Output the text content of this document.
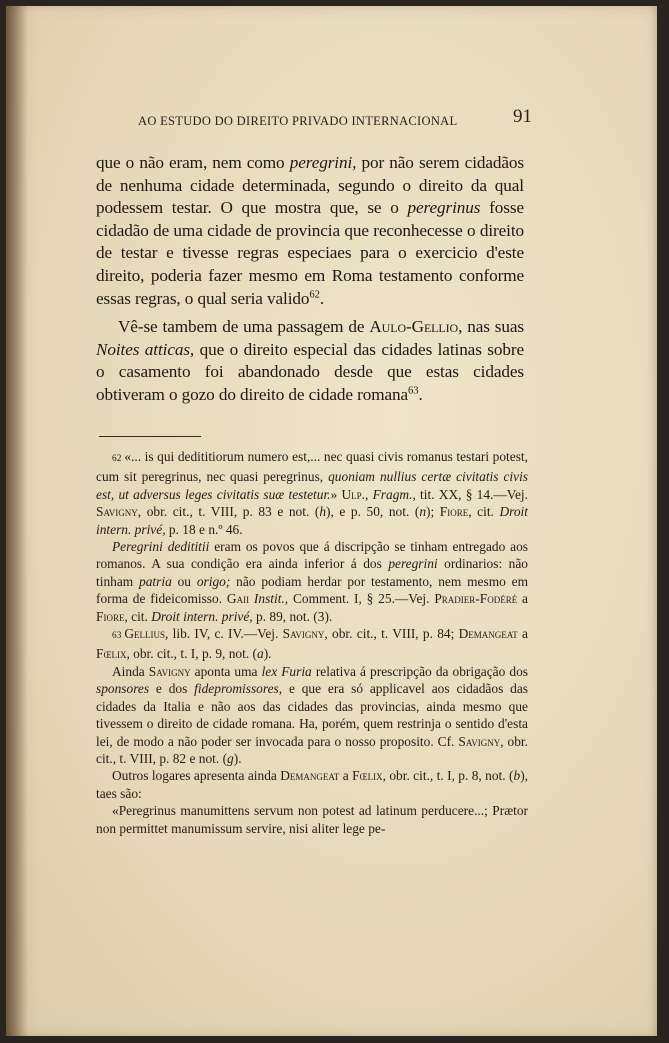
AO ESTUDO DO DIREITO PRIVADO INTERNACIONAL	91

que o não eram, nem como peregrini, por não serem cidadãos de nenhuma cidade determinada, segundo o direito da qual podessem testar. O que mostra que, se o peregrinus fosse cidadão de uma cidade de provincia que reconhecesse o direito de testar e tivesse regras especiaes para o exercicio d'este direito, poderia fazer mesmo em Roma testamento conforme essas regras, o qual seria valido$^{62}$.

Vê-se tambem de uma passagem de Aulo-Gellio, nas suas Noites atticas, que o direito especial das cidades latinas sobre o casamento foi abandonado desde que estas cidades obtiveram o gozo do direito de cidade romana$^{63}$.

62 «... is qui dedititiorum numero est,... nec quasi civis romanus testari potest, cum sit peregrinus, nec quasi peregrinus, quoniam nullius certæ civitatis civis est, ut adversus leges civitatis suæ testetur.» Ulp., Fragm., tit. XX, § 14.—Vej. Savigny, obr. cit., t. VIII, p. 83 e not. (h), e p. 50, not. (n); Fiore, cit. Droit intern. privé, p. 18 e n.º 46.

Peregrini dedititii eram os povos que á discripção se tinham entregado aos romanos. A sua condição era ainda inferior á dos peregrini ordinarios: não tinham patria ou origo; não podiam herdar por testamento, nem mesmo em forma de fideicomisso. Gaii Instit., Comment. I, § 25.—Vej. Pradier-Fodéré a Fiore, cit. Droit intern. privé, p. 89, not. (3).

63 Gellius, lib. IV, c. IV.—Vej. Savigny, obr. cit., t. VIII, p. 84; Demangeat a Fœlix, obr. cit., t. I, p. 9, not. (a).

Ainda Savigny aponta uma lex Furia relativa á prescripção da obrigação dos sponsores e dos fidepromissores, e que era só applicavel aos cidadãos das cidades da Italia e não aos das cidades das provincias, ainda mesmo que tivessem o direito de cidade romana. Ha, porém, quem restrinja o sentido d'esta lei, de modo a não poder ser invocada para o nosso proposito. Cf. Savigny, obr. cit., t. VIII, p. 82 e not. (g).

Outros logares apresenta ainda Demangeat a Fœlix, obr. cit., t. I, p. 8, not. (b), taes são:

«Peregrinus manumittens servum non potest ad latinum perducere...; Prætor non permittet manumissum servire, nisi aliter lege pe-
